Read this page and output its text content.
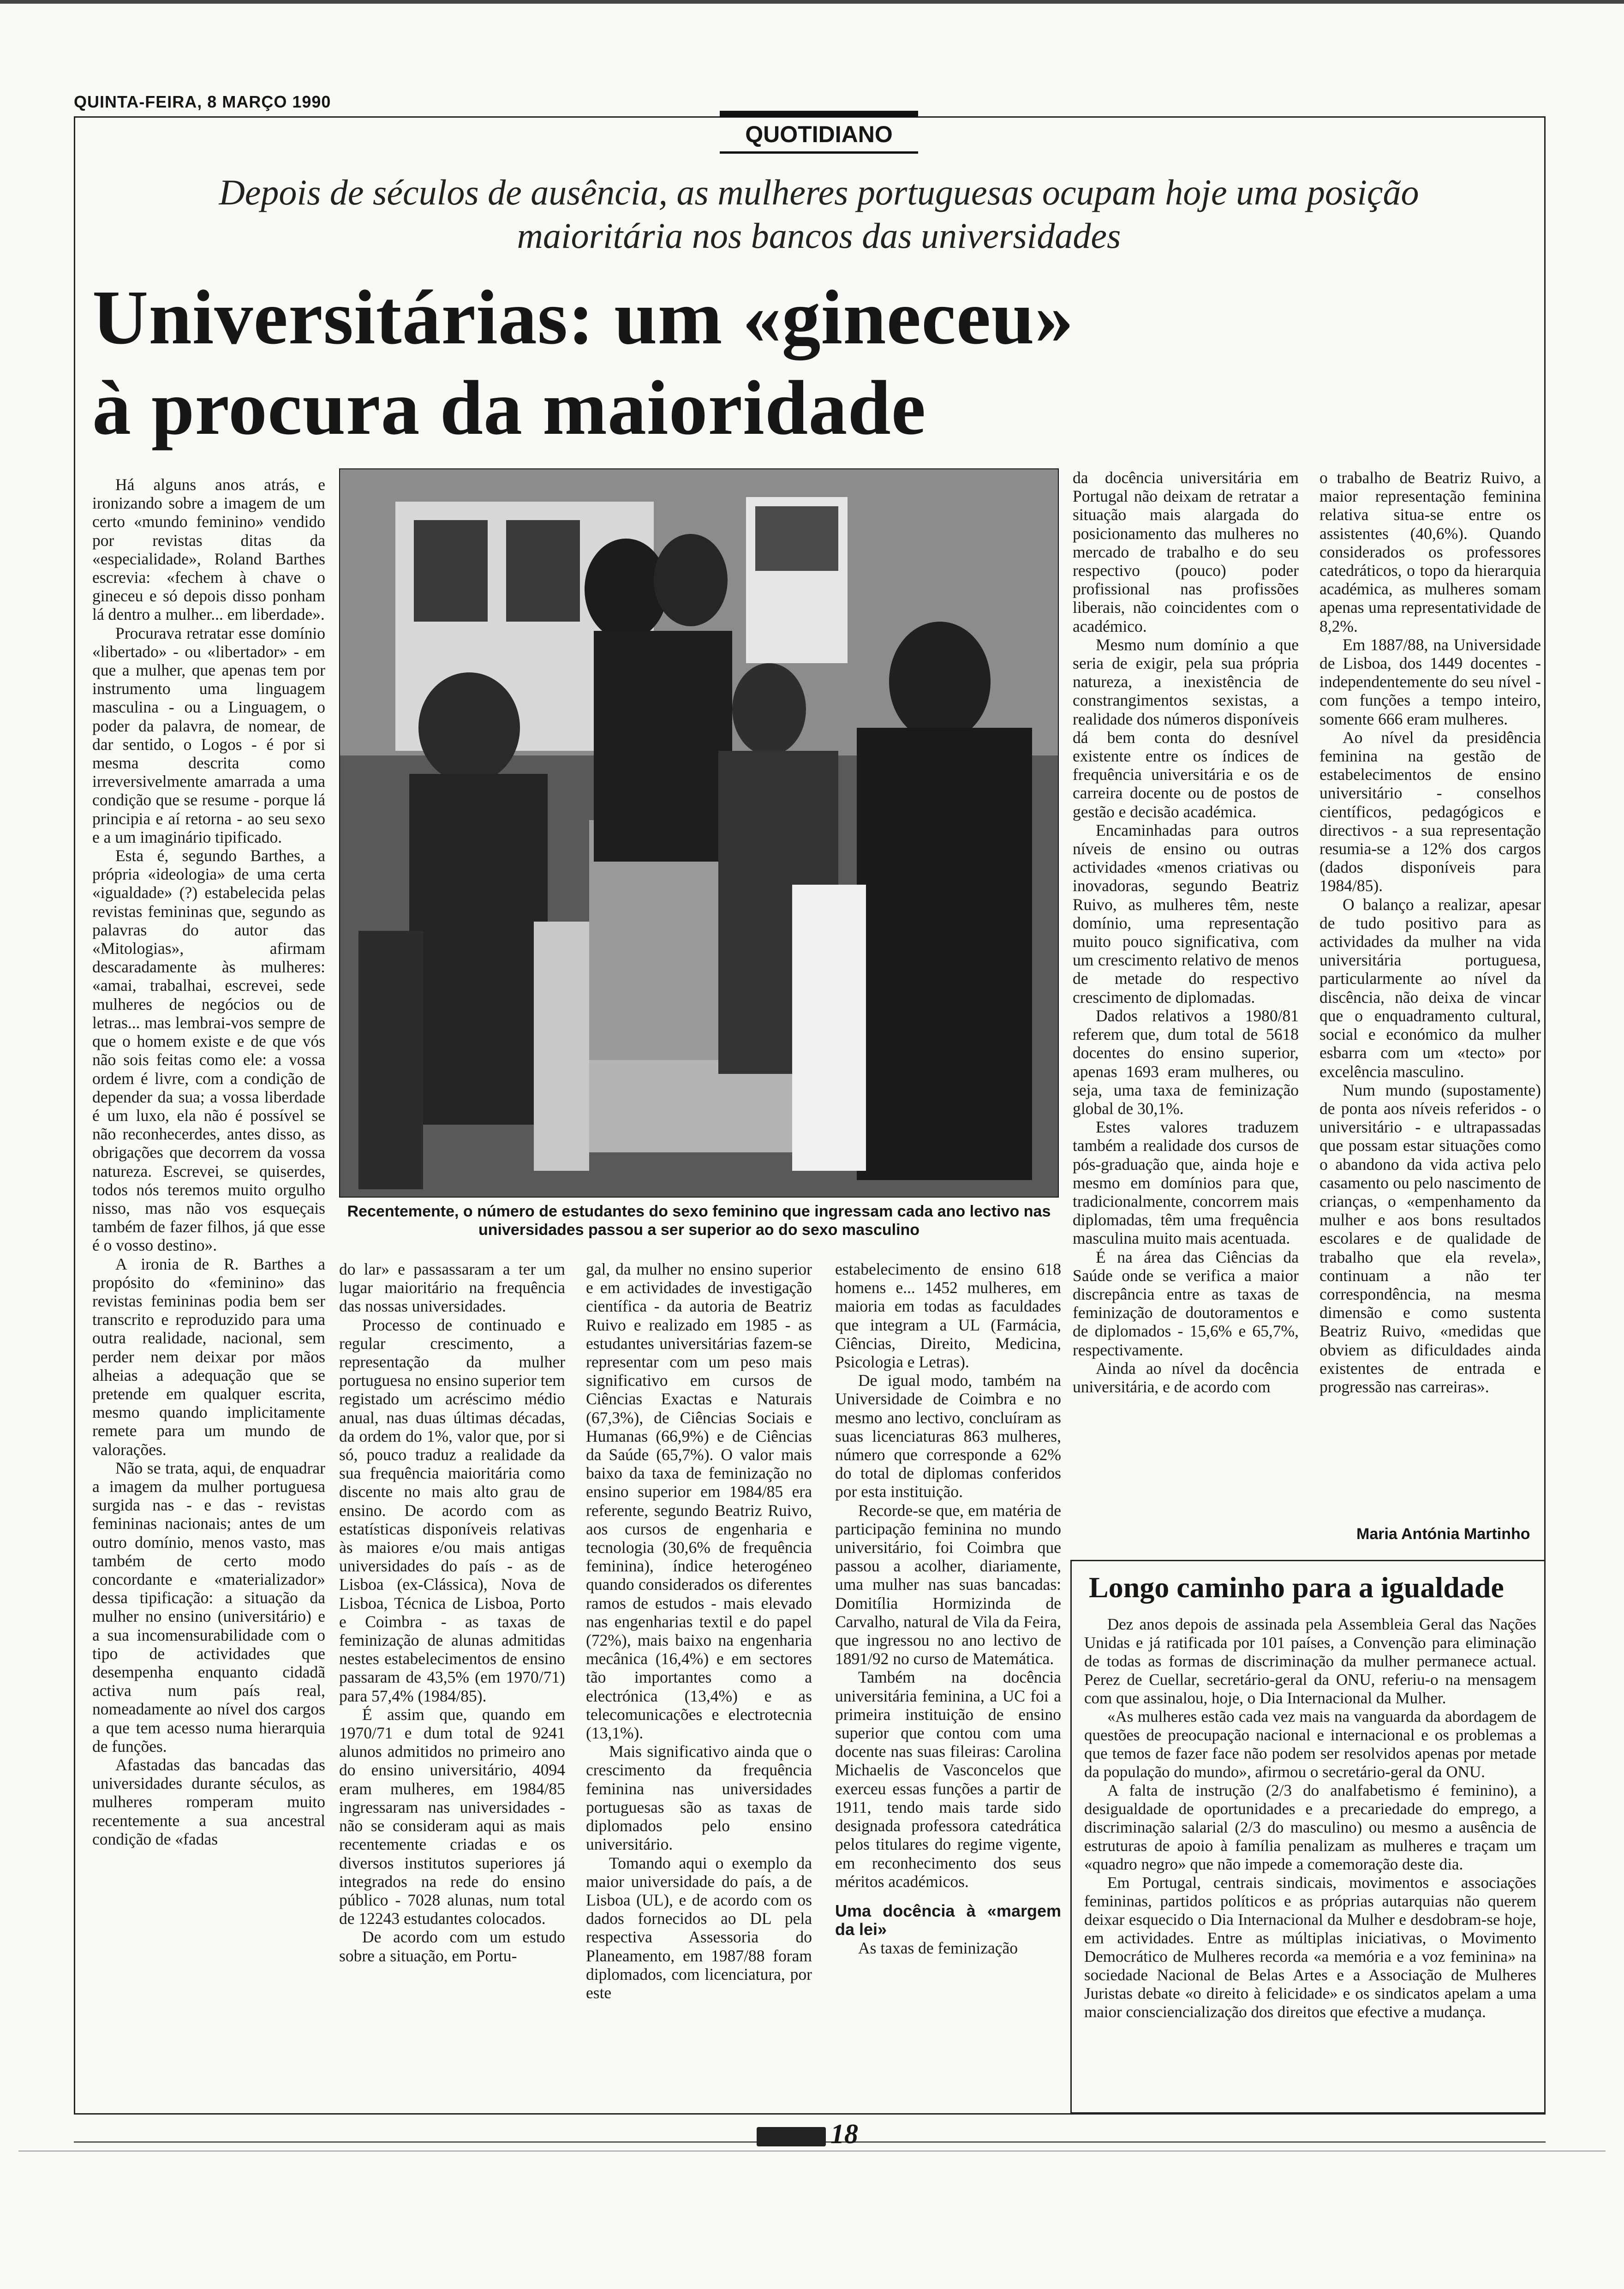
QUINTA-FEIRA, 8 MARÇO 1990
QUOTIDIANO
Depois de séculos de ausência, as mulheres portuguesas ocupam hoje uma posição maioritária nos bancos das universidades
Universitárias: um «gineceu»
à procura da maioridade

Há alguns anos atrás, e ironizando sobre a imagem de um certo «mundo feminino» vendido por revistas ditas da «especialidade», Roland Barthes escrevia: «fechem à chave o gineceu e só depois disso ponham lá dentro a mulher... em liberdade».

Procurava retratar esse domínio «libertado» - ou «libertador» - em que a mulher, que apenas tem por instrumento uma linguagem masculina - ou a Linguagem, o poder da palavra, de nomear, de dar sentido, o Logos - é por si mesma descrita como irreversivelmente amarrada a uma condição que se resume - porque lá principia e aí retorna - ao seu sexo e a um imaginário tipificado.

Esta é, segundo Barthes, a própria «ideologia» de uma certa «igualdade» (?) estabelecida pelas revistas femininas que, segundo as palavras do autor das «Mitologias», afirmam descaradamente às mulheres: «amai, trabalhai, escrevei, sede mulheres de negócios ou de letras... mas lembrai-vos sempre de que o homem existe e de que vós não sois feitas como ele: a vossa ordem é livre, com a condição de depender da sua; a vossa liberdade é um luxo, ela não é possível se não reconhecerdes, antes disso, as obrigações que decorrem da vossa natureza. Escrevei, se quiserdes, todos nós teremos muito orgulho nisso, mas não vos esqueçais também de fazer filhos, já que esse é o vosso destino».

A ironia de R. Barthes a propósito do «feminino» das revistas femininas podia bem ser transcrito e reproduzido para uma outra realidade, nacional, sem perder nem deixar por mãos alheias a adequação que se pretende em qualquer escrita, mesmo quando implicitamente remete para um mundo de valorações.

Não se trata, aqui, de enquadrar a imagem da mulher portuguesa surgida nas - e das - revistas femininas nacionais; antes de um outro domínio, menos vasto, mas também de certo modo concordante e «materializador» dessa tipificação: a situação da mulher no ensino (universitário) e a sua incomensurabilidade com o tipo de actividades que desempenha enquanto cidadã activa num país real, nomeadamente ao nível dos cargos a que tem acesso numa hierarquia de funções.

Afastadas das bancadas das universidades durante séculos, as mulheres romperam muito recentemente a sua ancestral condição de «fadas

Recentemente, o número de estudantes do sexo feminino que ingressam cada ano lectivo nas universidades passou a ser superior ao do sexo masculino

do lar» e passassaram a ter um lugar maioritário na frequência das nossas universidades.

Processo de continuado e regular crescimento, a representação da mulher portuguesa no ensino superior tem registado um acréscimo médio anual, nas duas últimas décadas, da ordem do 1%, valor que, por si só, pouco traduz a realidade da sua frequência maioritária como discente no mais alto grau de ensino. De acordo com as estatísticas disponíveis relativas às maiores e/ou mais antigas universidades do país - as de Lisboa (ex-Clássica), Nova de Lisboa, Técnica de Lisboa, Porto e Coimbra - as taxas de feminização de alunas admitidas nestes estabelecimentos de ensino passaram de 43,5% (em 1970/71) para 57,4% (1984/85).

É assim que, quando em 1970/71 e dum total de 9241 alunos admitidos no primeiro ano do ensino universitário, 4094 eram mulheres, em 1984/85 ingressaram nas universidades - não se consideram aqui as mais recentemente criadas e os diversos institutos superiores já integrados na rede do ensino público - 7028 alunas, num total de 12243 estudantes colocados.

De acordo com um estudo sobre a situação, em Portu-

gal, da mulher no ensino superior e em actividades de investigação científica - da autoria de Beatriz Ruivo e realizado em 1985 - as estudantes universitárias fazem-se representar com um peso mais significativo em cursos de Ciências Exactas e Naturais (67,3%), de Ciências Sociais e Humanas (66,9%) e de Ciências da Saúde (65,7%). O valor mais baixo da taxa de feminização no ensino superior em 1984/85 era referente, segundo Beatriz Ruivo, aos cursos de engenharia e tecnologia (30,6% de frequência feminina), índice heterogéneo quando considerados os diferentes ramos de estudos - mais elevado nas engenharias textil e do papel (72%), mais baixo na engenharia mecânica (16,4%) e em sectores tão importantes como a electrónica (13,4%) e as telecomunicações e electrotecnia (13,1%).

Mais significativo ainda que o crescimento da frequência feminina nas universidades portuguesas são as taxas de diplomados pelo ensino universitário.

Tomando aqui o exemplo da maior universidade do país, a de Lisboa (UL), e de acordo com os dados fornecidos ao DL pela respectiva Assessoria do Planeamento, em 1987/88 foram diplomados, com licenciatura, por este

estabelecimento de ensino 618 homens e... 1452 mulheres, em maioria em todas as faculdades que integram a UL (Farmácia, Ciências, Direito, Medicina, Psicologia e Letras).

De igual modo, também na Universidade de Coimbra e no mesmo ano lectivo, concluíram as suas licenciaturas 863 mulheres, número que corresponde a 62% do total de diplomas conferidos por esta instituição.

Recorde-se que, em matéria de participação feminina no mundo universitário, foi Coimbra que passou a acolher, diariamente, uma mulher nas suas bancadas: Domitília Hormizinda de Carvalho, natural de Vila da Feira, que ingressou no ano lectivo de 1891/92 no curso de Matemática.

Também na docência universitária feminina, a UC foi a primeira instituição de ensino superior que contou com uma docente nas suas fileiras: Carolina Michaelis de Vasconcelos que exerceu essas funções a partir de 1911, tendo mais tarde sido designada professora catedrática pelos titulares do regime vigente, em reconhecimento dos seus méritos académicos.

Uma docência à «margem da lei»

As taxas de feminização

da docência universitária em Portugal não deixam de retratar a situação mais alargada do posicionamento das mulheres no mercado de trabalho e do seu respectivo (pouco) poder profissional nas profissões liberais, não coincidentes com o académico.

Mesmo num domínio a que seria de exigir, pela sua própria natureza, a inexistência de constrangimentos sexistas, a realidade dos números disponíveis dá bem conta do desnível existente entre os índices de frequência universitária e os de carreira docente ou de postos de gestão e decisão académica.

Encaminhadas para outros níveis de ensino ou outras actividades «menos criativas ou inovadoras, segundo Beatriz Ruivo, as mulheres têm, neste domínio, uma representação muito pouco significativa, com um crescimento relativo de menos de metade do respectivo crescimento de diplomadas.

Dados relativos a 1980/81 referem que, dum total de 5618 docentes do ensino superior, apenas 1693 eram mulheres, ou seja, uma taxa de feminização global de 30,1%.

Estes valores traduzem também a realidade dos cursos de pós-graduação que, ainda hoje e mesmo em domínios para que, tradicionalmente, concorrem mais diplomadas, têm uma frequência masculina muito mais acentuada.

É na área das Ciências da Saúde onde se verifica a maior discrepância entre as taxas de feminização de doutoramentos e de diplomados - 15,6% e 65,7%, respectivamente.

Ainda ao nível da docência universitária, e de acordo com

o trabalho de Beatriz Ruivo, a maior representação feminina relativa situa-se entre os assistentes (40,6%). Quando considerados os professores catedráticos, o topo da hierarquia académica, as mulheres somam apenas uma representatividade de 8,2%.

Em 1887/88, na Universidade de Lisboa, dos 1449 docentes - independentemente do seu nível - com funções a tempo inteiro, somente 666 eram mulheres.

Ao nível da presidência feminina na gestão de estabelecimentos de ensino universitário - conselhos científicos, pedagógicos e directivos - a sua representação resumia-se a 12% dos cargos (dados disponíveis para 1984/85).

O balanço a realizar, apesar de tudo positivo para as actividades da mulher na vida universitária portuguesa, particularmente ao nível da discência, não deixa de vincar que o enquadramento cultural, social e económico da mulher esbarra com um «tecto» por excelência masculino.

Num mundo (supostamente) de ponta aos níveis referidos - o universitário - e ultrapassadas que possam estar situações como o abandono da vida activa pelo casamento ou pelo nascimento de crianças, o «empenhamento da mulher e aos bons resultados escolares e de qualidade de trabalho que ela revela», continuam a não ter correspondência, na mesma dimensão e como sustenta Beatriz Ruivo, «medidas que obviem as dificuldades ainda existentes de entrada e progressão nas carreiras».

Maria Antónia Martinho
Longo caminho para a igualdade

Dez anos depois de assinada pela Assembleia Geral das Nações Unidas e já ratificada por 101 países, a Convenção para eliminação de todas as formas de discriminação da mulher permanece actual. Perez de Cuellar, secretário-geral da ONU, referiu-o na mensagem com que assinalou, hoje, o Dia Internacional da Mulher.

«As mulheres estão cada vez mais na vanguarda da abordagem de questões de preocupação nacional e internacional e os problemas a que temos de fazer face não podem ser resolvidos apenas por metade da população do mundo», afirmou o secretário-geral da ONU.

A falta de instrução (2/3 do analfabetismo é feminino), a desigualdade de oportunidades e a precariedade do emprego, a discriminação salarial (2/3 do masculino) ou mesmo a ausência de estruturas de apoio à família penalizam as mulheres e traçam um «quadro negro» que não impede a comemoração deste dia.

Em Portugal, centrais sindicais, movimentos e associações femininas, partidos políticos e as próprias autarquias não querem deixar esquecido o Dia Internacional da Mulher e desdobram-se hoje, em actividades. Entre as múltiplas iniciativas, o Movimento Democrático de Mulheres recorda «a memória e a voz feminina» na sociedade Nacional de Belas Artes e a Associação de Mulheres Juristas debate «o direito à felicidade» e os sindicatos apelam a uma maior consciencialização dos direitos que efective a mudança.

18
